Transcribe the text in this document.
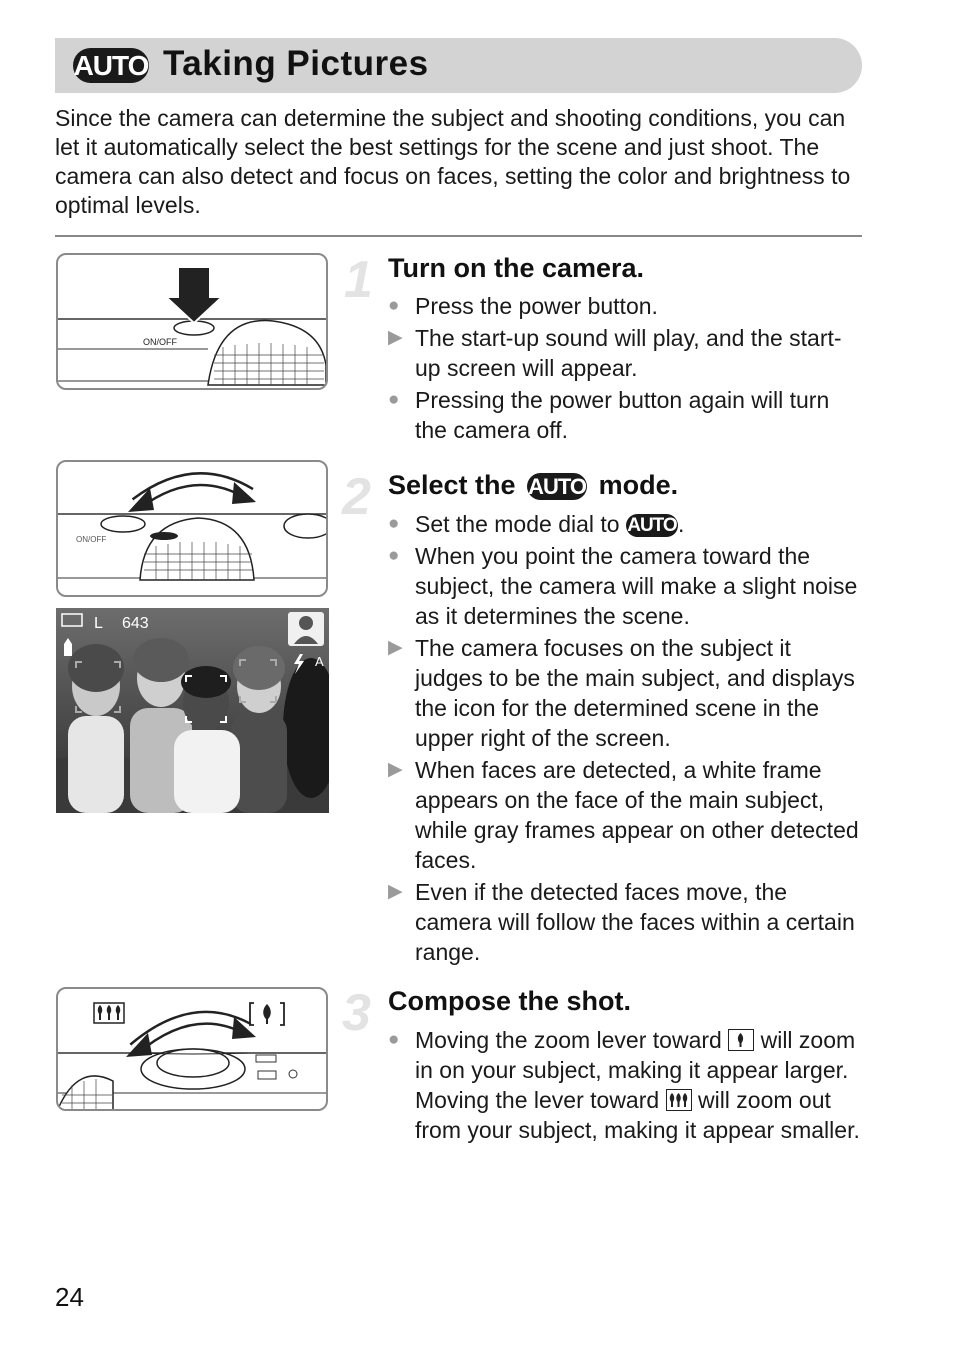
AUTO Taking Pictures

Since the camera can determine the subject and shooting conditions, you can let it automatically select the best settings for the scene and just shoot. The camera can also detect and focus on faces, setting the color and brightness to optimal levels.

1 Turn on the camera.
● Press the power button.
▶ The start-up sound will play, and the start-up screen will appear.
● Pressing the power button again will turn the camera off.
ON/OFF
2 Select the AUTO mode.
● Set the mode dial to AUTO.
● When you point the camera toward the subject, the camera will make a slight noise as it determines the scene.
▶ The camera focuses on the subject it judges to be the main subject, and displays the icon for the determined scene in the upper right of the screen.
▶ When faces are detected, a white frame appears on the face of the main subject, while gray frames appear on other detected faces.
▶ Even if the detected faces move, the camera will follow the faces within a certain range.
ON/OFF
L 643
A
3 Compose the shot.
● Moving the zoom lever toward will zoom in on your subject, making it appear larger. Moving the lever toward will zoom out from your subject, making it appear smaller.
24
